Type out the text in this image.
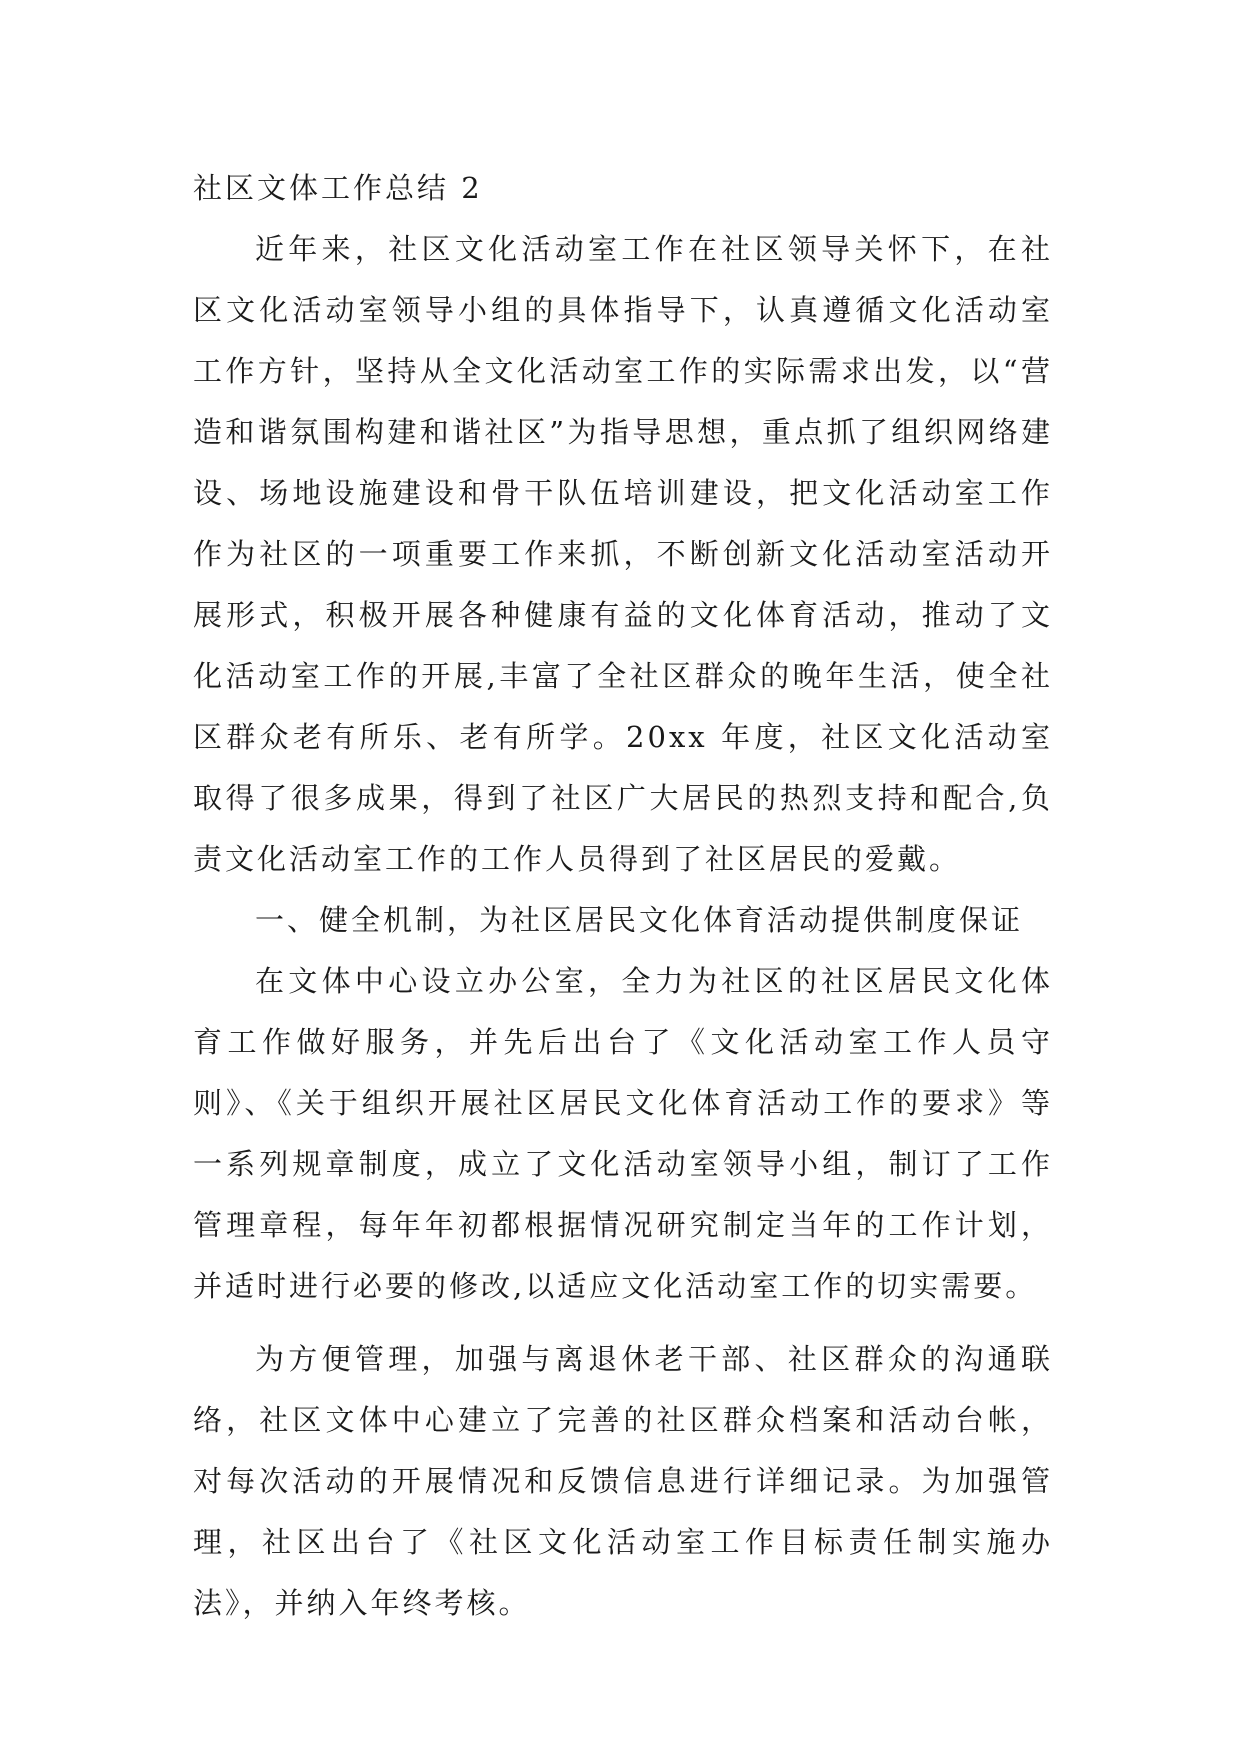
社区文体工作总结 2

近年来，社区文化活动室工作在社区领导关怀下，在社区文化活动室领导小组的具体指导下，认真遵循文化活动室工作方针，坚持从全文化活动室工作的实际需求出发，以“营造和谐氛围构建和谐社区”为指导思想，重点抓了组织网络建设、场地设施建设和骨干队伍培训建设，把文化活动室工作作为社区的一项重要工作来抓，不断创新文化活动室活动开展形式，积极开展各种健康有益的文化体育活动，推动了文化活动室工作的开展,丰富了全社区群众的晚年生活，使全社区群众老有所乐、老有所学。20xx 年度，社区文化活动室取得了很多成果，得到了社区广大居民的热烈支持和配合,负责文化活动室工作的工作人员得到了社区居民的爱戴。

一、健全机制，为社区居民文化体育活动提供制度保证

在文体中心设立办公室，全力为社区的社区居民文化体育工作做好服务，并先后出台了《文化活动室工作人员守则》、《关于组织开展社区居民文化体育活动工作的要求》等一系列规章制度，成立了文化活动室领导小组，制订了工作管理章程，每年年初都根据情况研究制定当年的工作计划，并适时进行必要的修改,以适应文化活动室工作的切实需要。

为方便管理，加强与离退休老干部、社区群众的沟通联络，社区文体中心建立了完善的社区群众档案和活动台帐，对每次活动的开展情况和反馈信息进行详细记录。为加强管理，社区出台了《社区文化活动室工作目标责任制实施办法》，并纳入年终考核。
